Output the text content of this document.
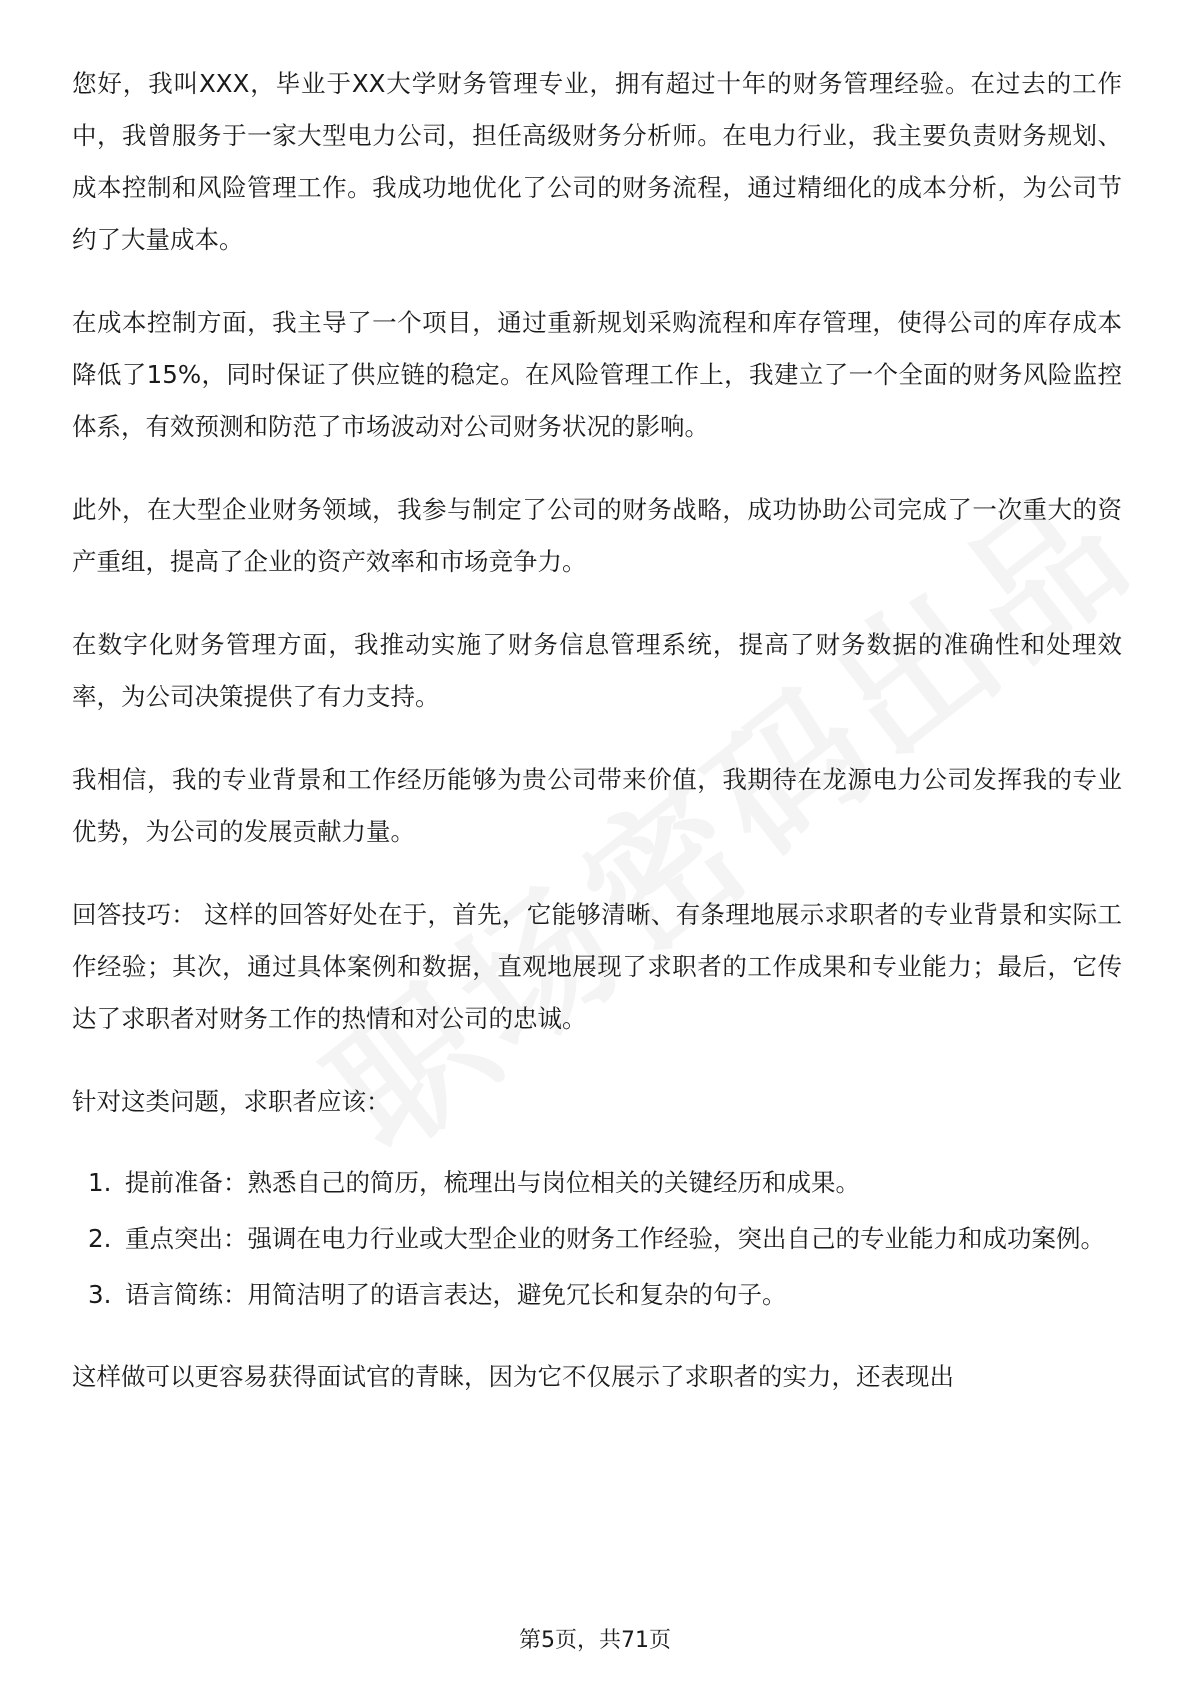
您好，我叫XXX，毕业于XX大学财务管理专业，拥有超过十年的财务管理经验。在过去的工作中，我曾服务于一家大型电力公司，担任高级财务分析师。在电力行业，我主要负责财务规划、成本控制和风险管理工作。我成功地优化了公司的财务流程，通过精细化的成本分析，为公司节约了大量成本。

在成本控制方面，我主导了一个项目，通过重新规划采购流程和库存管理，使得公司的库存成本降低了15%，同时保证了供应链的稳定。在风险管理工作上，我建立了一个全面的财务风险监控体系，有效预测和防范了市场波动对公司财务状况的影响。

此外，在大型企业财务领域，我参与制定了公司的财务战略，成功协助公司完成了一次重大的资产重组，提高了企业的资产效率和市场竞争力。

在数字化财务管理方面，我推动实施了财务信息管理系统，提高了财务数据的准确性和处理效率，为公司决策提供了有力支持。

我相信，我的专业背景和工作经历能够为贵公司带来价值，我期待在龙源电力公司发挥我的专业优势，为公司的发展贡献力量。

回答技巧： 这样的回答好处在于，首先，它能够清晰、有条理地展示求职者的专业背景和实际工作经验；其次，通过具体案例和数据，直观地展现了求职者的工作成果和专业能力；最后，它传达了求职者对财务工作的热情和对公司的忠诚。

针对这类问题，求职者应该：

1. 提前准备：熟悉自己的简历，梳理出与岗位相关的关键经历和成果。
2. 重点突出：强调在电力行业或大型企业的财务工作经验，突出自己的专业能力和成功案例。
3. 语言简练：用简洁明了的语言表达，避免冗长和复杂的句子。

这样做可以更容易获得面试官的青睐，因为它不仅展示了求职者的实力，还表现出

第5页，共71页
